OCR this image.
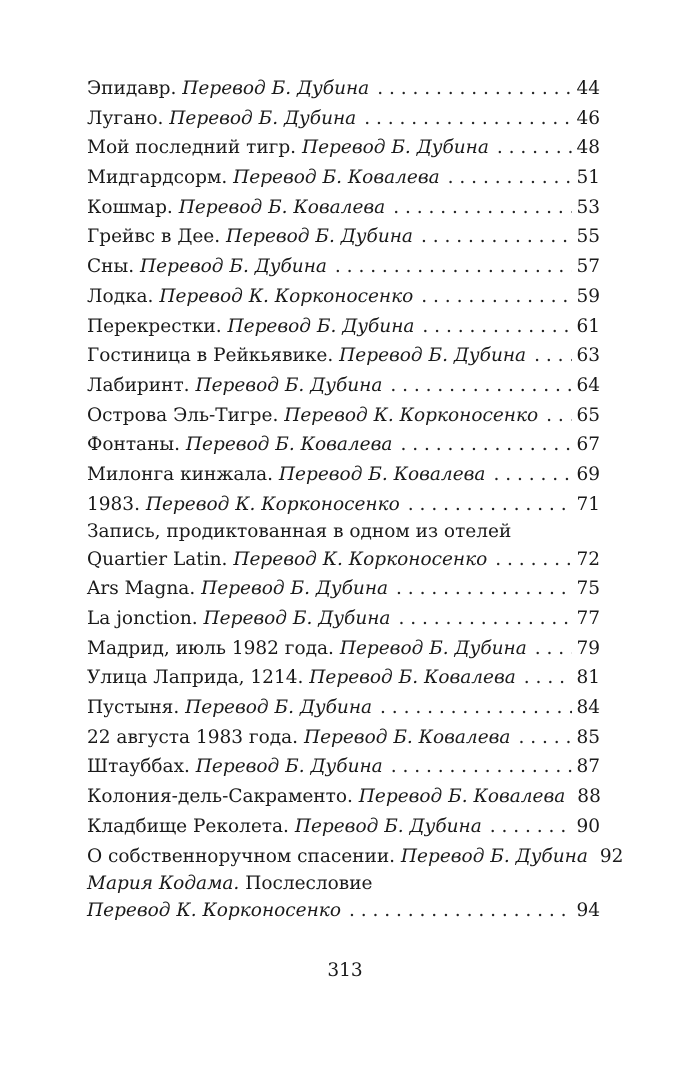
Эпидавр. Перевод Б. Дубина . . .	44
Лугано. Перевод Б. Дубина . . .	46
Мой последний тигр. Перевод Б. Дубина . . .	48
Мидгардсорм. Перевод Б. Ковалева . . .	51
Кошмар. Перевод Б. Ковалева . . .	53
Грейвс в Дее. Перевод Б. Дубина . . .	55
Сны. Перевод Б. Дубина . . .	57
Лодка. Перевод К. Корконосенко . . .	59
Перекрестки. Перевод Б. Дубина . . .	61
Гостиница в Рейкьявике. Перевод Б. Дубина . . .	63
Лабиринт. Перевод Б. Дубина . . .	64
Острова Эль-Тигре. Перевод К. Корконосенко . . . 65
Фонтаны. Перевод Б. Ковалева . . .	67
Милонга кинжала. Перевод Б. Ковалева . . .	69
1983. Перевод К. Корконосенко . . .	71
Запись, продиктованная в одном из отелей
Quartier Latin. Перевод К. Корконосенко . . .	72
Ars Magna. Перевод Б. Дубина . . .	75
La jonction. Перевод Б. Дубина . . .	77
Мадрид, июль 1982 года. Перевод Б. Дубина . . .	79
Улица Лаприда, 1214. Перевод Б. Ковалева . . .	81
Пустыня. Перевод Б. Дубина . . .	84
22 августа 1983 года. Перевод Б. Ковалева . . .	85
Штауббах. Перевод Б. Дубина . . .	87
Колония-дель-Сакраменто. Перевод Б. Ковалева 88
Кладбище Реколета. Перевод Б. Дубина . . .	90
О собственноручном спасении. Перевод Б. Дубина 92
Мария Кодама. Послесловие
Перевод К. Корконосенко . . .	94
313
